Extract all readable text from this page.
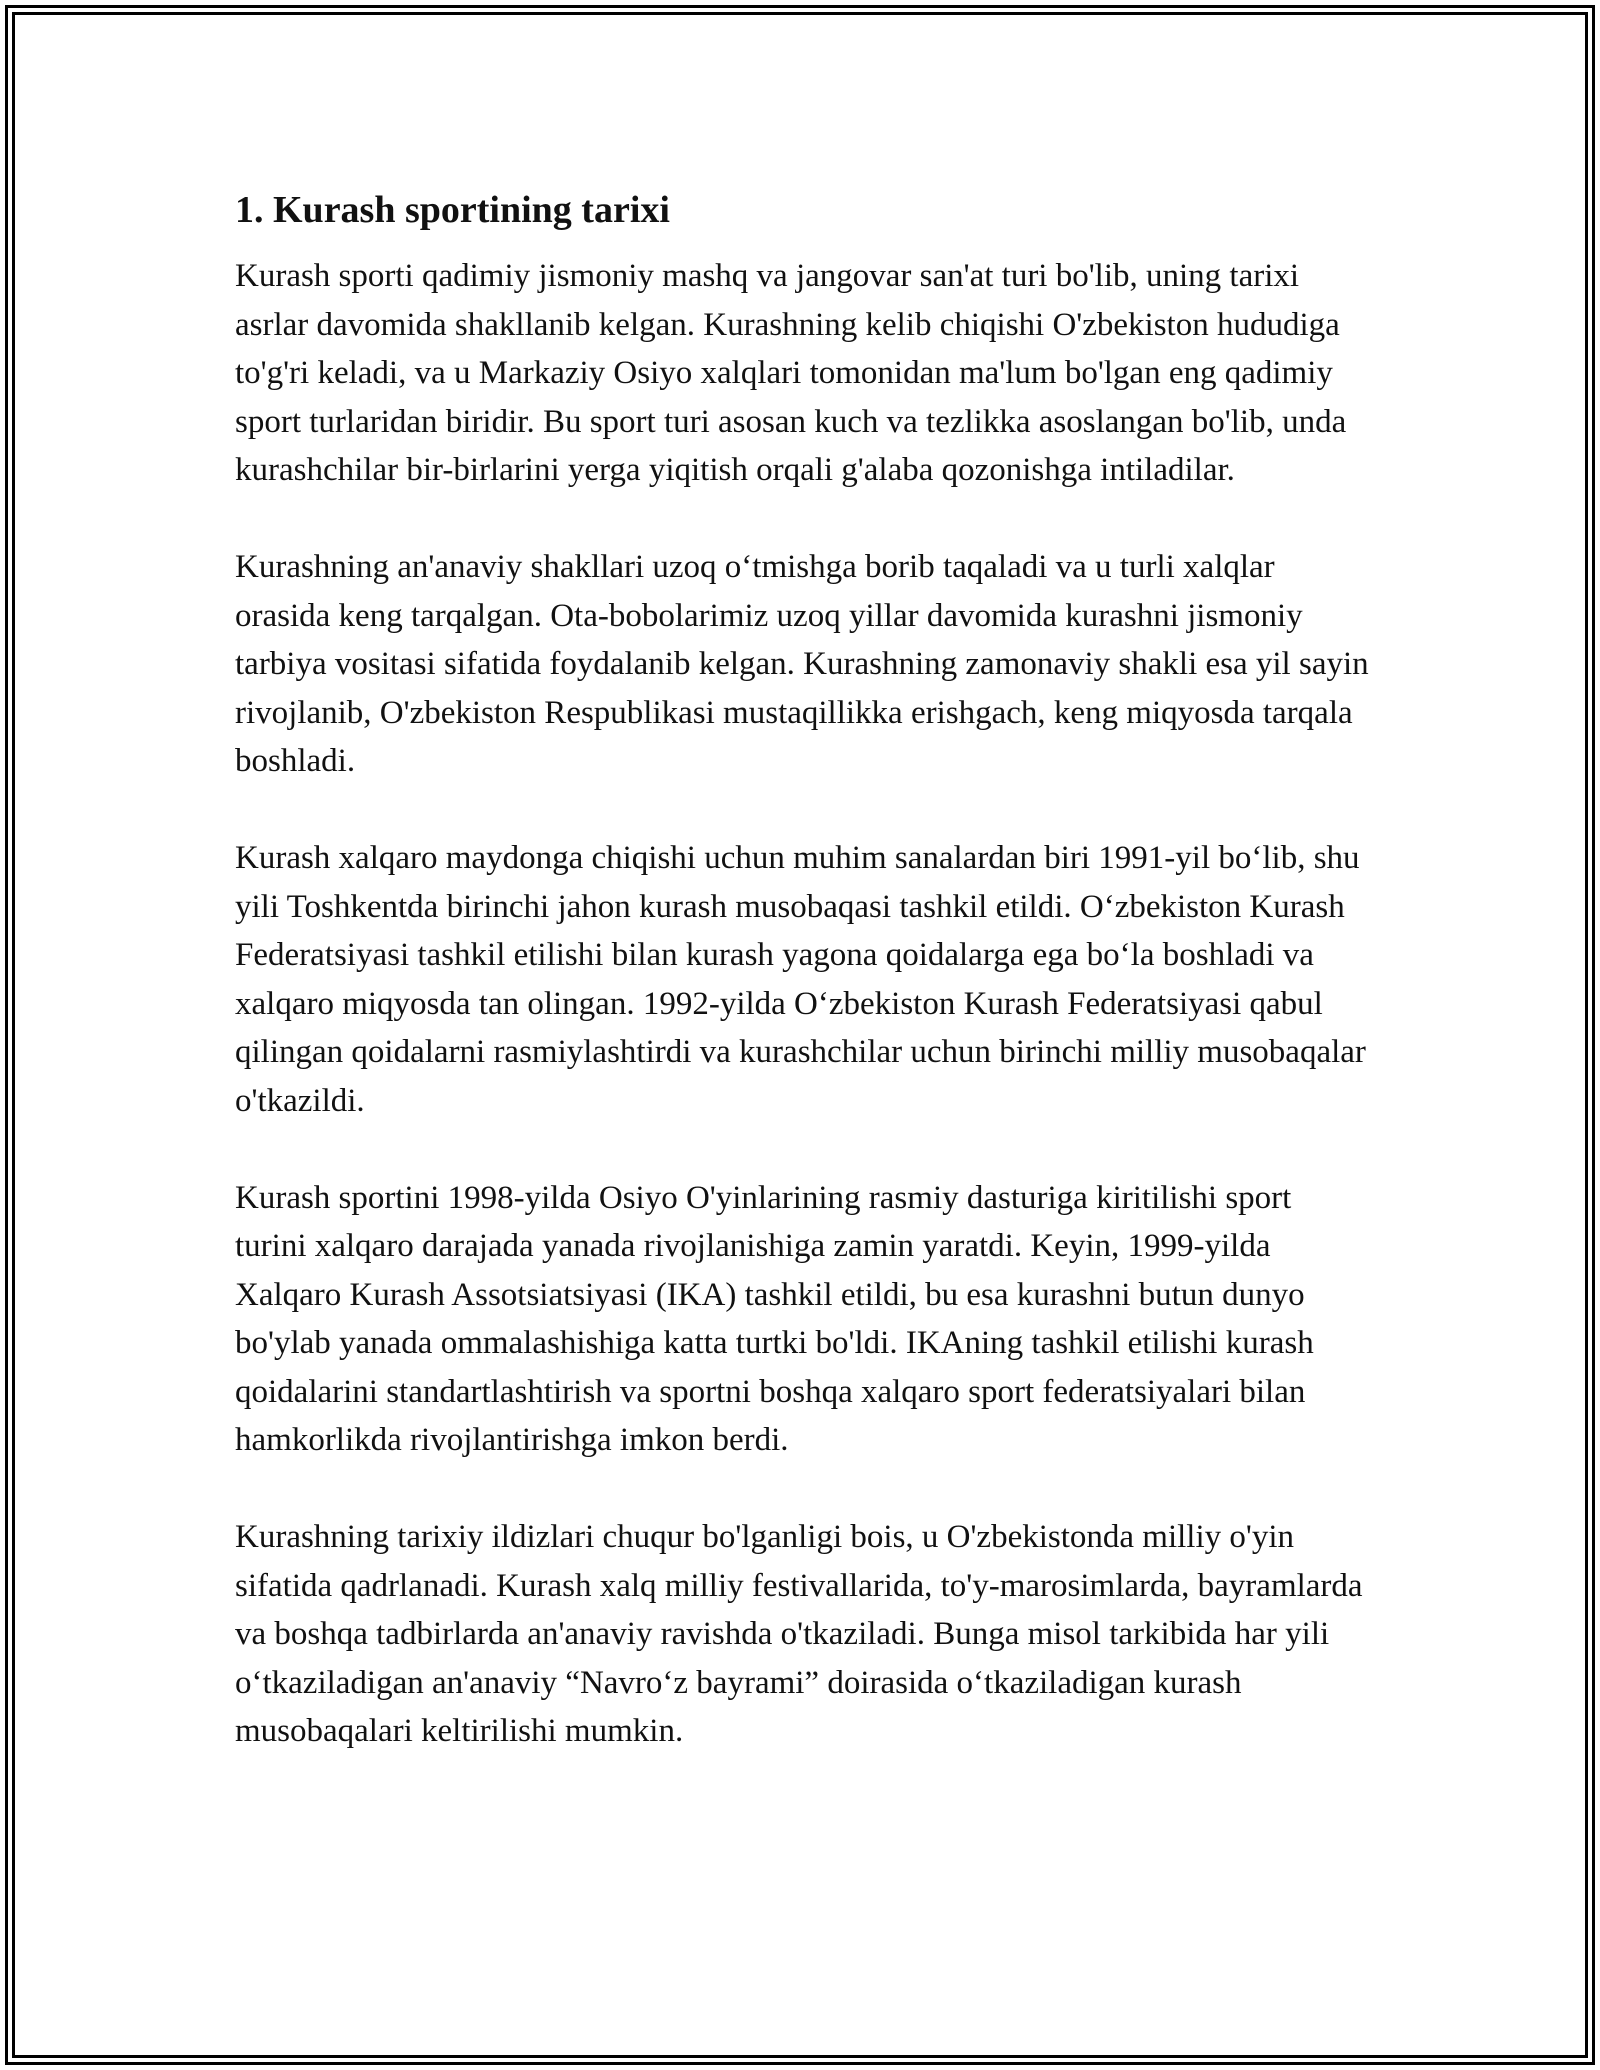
1. Kurash sportining tarixi

Kurash sporti qadimiy jismoniy mashq va jangovar san'at turi bo'lib, uning tarixi asrlar davomida shakllanib kelgan. Kurashning kelib chiqishi O'zbekiston hududiga to'g'ri keladi, va u Markaziy Osiyo xalqlari tomonidan ma'lum bo'lgan eng qadimiy sport turlaridan biridir. Bu sport turi asosan kuch va tezlikka asoslangan bo'lib, unda kurashchilar bir-birlarini yerga yiqitish orqali g'alaba qozonishga intiladilar.

Kurashning an'anaviy shakllari uzoq o‘tmishga borib taqaladi va u turli xalqlar orasida keng tarqalgan. Ota-bobolarimiz uzoq yillar davomida kurashni jismoniy tarbiya vositasi sifatida foydalanib kelgan. Kurashning zamonaviy shakli esa yil sayin rivojlanib, O'zbekiston Respublikasi mustaqillikka erishgach, keng miqyosda tarqala boshladi.

Kurash xalqaro maydonga chiqishi uchun muhim sanalardan biri 1991-yil bo‘lib, shu yili Toshkentda birinchi jahon kurash musobaqasi tashkil etildi. O‘zbekiston Kurash Federatsiyasi tashkil etilishi bilan kurash yagona qoidalarga ega bo‘la boshladi va xalqaro miqyosda tan olingan. 1992-yilda O‘zbekiston Kurash Federatsiyasi qabul qilingan qoidalarni rasmiylashtirdi va kurashchilar uchun birinchi milliy musobaqalar o'tkazildi.

Kurash sportini 1998-yilda Osiyo O'yinlarining rasmiy dasturiga kiritilishi sport turini xalqaro darajada yanada rivojlanishiga zamin yaratdi. Keyin, 1999-yilda Xalqaro Kurash Assotsiatsiyasi (IKA) tashkil etildi, bu esa kurashni butun dunyo bo'ylab yanada ommalashishiga katta turtki bo'ldi. IKAning tashkil etilishi kurash qoidalarini standartlashtirish va sportni boshqa xalqaro sport federatsiyalari bilan hamkorlikda rivojlantirishga imkon berdi.

Kurashning tarixiy ildizlari chuqur bo'lganligi bois, u O'zbekistonda milliy o'yin sifatida qadrlanadi. Kurash xalq milliy festivallarida, to'y-marosimlarda, bayramlarda va boshqa tadbirlarda an'anaviy ravishda o'tkaziladi. Bunga misol tarkibida har yili o‘tkaziladigan an'anaviy “Navro‘z bayrami” doirasida o‘tkaziladigan kurash musobaqalari keltirilishi mumkin.
